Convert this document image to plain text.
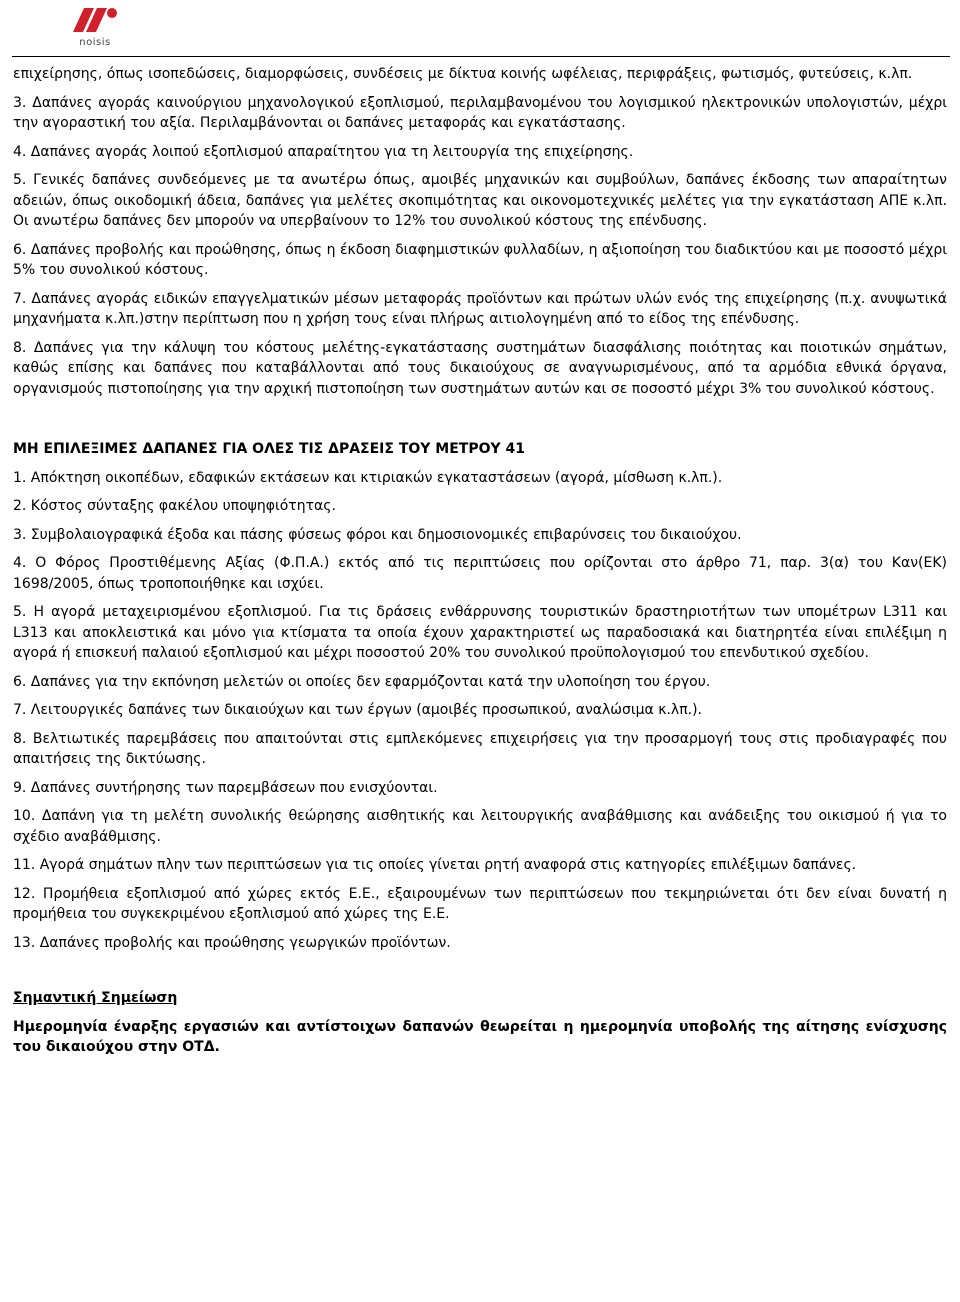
noisis

επιχείρησης, όπως ισοπεδώσεις, διαμορφώσεις, συνδέσεις με δίκτυα κοινής ωφέλειας, περιφράξεις, φωτισμός, φυτεύσεις, κ.λπ.

3. Δαπάνες αγοράς καινούργιου μηχανολογικού εξοπλισμού, περιλαμβανομένου του λογισμικού ηλεκτρονικών υπολογιστών, μέχρι την αγοραστική του αξία. Περιλαμβάνονται οι δαπάνες μεταφοράς και εγκατάστασης.

4. Δαπάνες αγοράς λοιπού εξοπλισμού απαραίτητου για τη λειτουργία της επιχείρησης.

5. Γενικές δαπάνες συνδεόμενες με τα ανωτέρω όπως, αμοιβές μηχανικών και συμβούλων, δαπάνες έκδοσης των απαραίτητων αδειών, όπως οικοδομική άδεια, δαπάνες για μελέτες σκοπιμότητας και οικονομοτεχνικές μελέτες για την εγκατάσταση ΑΠΕ κ.λπ. Οι ανωτέρω δαπάνες δεν μπορούν να υπερβαίνουν το 12% του συνολικού κόστους της επένδυσης.

6. Δαπάνες προβολής και προώθησης, όπως η έκδοση διαφημιστικών φυλλαδίων, η αξιοποίηση του διαδικτύου και με ποσοστό μέχρι 5% του συνολικού κόστους.

7. Δαπάνες αγοράς ειδικών επαγγελματικών μέσων μεταφοράς προϊόντων και πρώτων υλών ενός της επιχείρησης (π.χ. ανυψωτικά μηχανήματα κ.λπ.)στην περίπτωση που η χρήση τους είναι πλήρως αιτιολογημένη από το είδος της επένδυσης.

8. Δαπάνες για την κάλυψη του κόστους μελέτης-εγκατάστασης συστημάτων διασφάλισης ποιότητας και ποιοτικών σημάτων, καθώς επίσης και δαπάνες που καταβάλλονται από τους δικαιούχους σε αναγνωρισμένους, από τα αρμόδια εθνικά όργανα, οργανισμούς πιστοποίησης για την αρχική πιστοποίηση των συστημάτων αυτών και σε ποσοστό μέχρι 3% του συνολικού κόστους.

ΜΗ ΕΠΙΛΕΞΙΜΕΣ ΔΑΠΑΝΕΣ ΓΙΑ ΟΛΕΣ ΤΙΣ ΔΡΑΣΕΙΣ ΤΟΥ ΜΕΤΡΟΥ 41

1. Απόκτηση οικοπέδων, εδαφικών εκτάσεων και κτιριακών εγκαταστάσεων (αγορά, μίσθωση κ.λπ.).

2. Κόστος σύνταξης φακέλου υποψηφιότητας.

3. Συμβολαιογραφικά έξοδα και πάσης φύσεως φόροι και δημοσιονομικές επιβαρύνσεις του δικαιούχου.

4. Ο Φόρος Προστιθέμενης Αξίας (Φ.Π.Α.) εκτός από τις περιπτώσεις που ορίζονται στο άρθρο 71, παρ. 3(α) του Καν(ΕΚ) 1698/2005, όπως τροποποιήθηκε και ισχύει.

5. Η αγορά μεταχειρισμένου εξοπλισμού. Για τις δράσεις ενθάρρυνσης τουριστικών δραστηριοτήτων των υπομέτρων L311 και L313 και αποκλειστικά και μόνο για κτίσματα τα οποία έχουν χαρακτηριστεί ως παραδοσιακά και διατηρητέα είναι επιλέξιμη η αγορά ή επισκευή παλαιού εξοπλισμού και μέχρι ποσοστού 20% του συνολικού προϋπολογισμού του επενδυτικού σχεδίου.

6. Δαπάνες για την εκπόνηση μελετών οι οποίες δεν εφαρμόζονται κατά την υλοποίηση του έργου.

7. Λειτουργικές δαπάνες των δικαιούχων και των έργων (αμοιβές προσωπικού, αναλώσιμα κ.λπ.).

8. Βελτιωτικές παρεμβάσεις που απαιτούνται στις εμπλεκόμενες επιχειρήσεις για την προσαρμογή τους στις προδιαγραφές που απαιτήσεις της δικτύωσης.

9. Δαπάνες συντήρησης των παρεμβάσεων που ενισχύονται.

10. Δαπάνη για τη μελέτη συνολικής θεώρησης αισθητικής και λειτουργικής αναβάθμισης και ανάδειξης του οικισμού ή για το σχέδιο αναβάθμισης.

11. Αγορά σημάτων πλην των περιπτώσεων για τις οποίες γίνεται ρητή αναφορά στις κατηγορίες επιλέξιμων δαπάνες.

12. Προμήθεια εξοπλισμού από χώρες εκτός Ε.Ε., εξαιρουμένων των περιπτώσεων που τεκμηριώνεται ότι δεν είναι δυνατή η προμήθεια του συγκεκριμένου εξοπλισμού από χώρες της Ε.Ε.

13. Δαπάνες προβολής και προώθησης γεωργικών προϊόντων.

Σημαντική Σημείωση

Ημερομηνία έναρξης εργασιών και αντίστοιχων δαπανών θεωρείται η ημερομηνία υποβολής της αίτησης ενίσχυσης του δικαιούχου στην ΟΤΔ.
